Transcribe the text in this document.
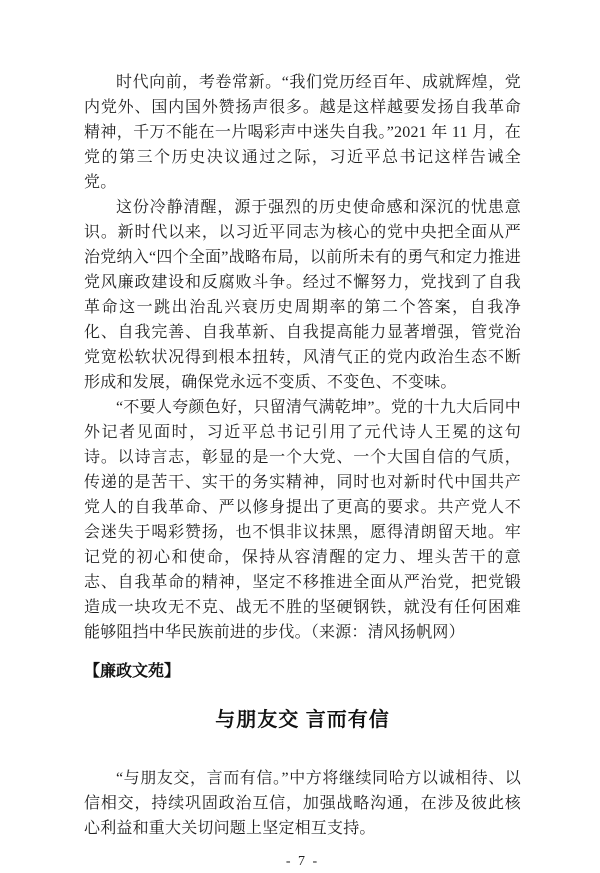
时代向前，考卷常新。“我们党历经百年、成就辉煌，党内党外、国内国外赞扬声很多。越是这样越要发扬自我革命精神，千万不能在一片喝彩声中迷失自我。”2021 年 11 月，在党的第三个历史决议通过之际，习近平总书记这样告诫全党。

这份冷静清醒，源于强烈的历史使命感和深沉的忧患意识。新时代以来，以习近平同志为核心的党中央把全面从严治党纳入“四个全面”战略布局，以前所未有的勇气和定力推进党风廉政建设和反腐败斗争。经过不懈努力，党找到了自我革命这一跳出治乱兴衰历史周期率的第二个答案，自我净化、自我完善、自我革新、自我提高能力显著增强，管党治党宽松软状况得到根本扭转，风清气正的党内政治生态不断形成和发展，确保党永远不变质、不变色、不变味。

“不要人夸颜色好，只留清气满乾坤”。党的十九大后同中外记者见面时，习近平总书记引用了元代诗人王冕的这句诗。以诗言志，彰显的是一个大党、一个大国自信的气质，传递的是苦干、实干的务实精神，同时也对新时代中国共产党人的自我革命、严以修身提出了更高的要求。共产党人不会迷失于喝彩赞扬，也不惧非议抹黑，愿得清朗留天地。牢记党的初心和使命，保持从容清醒的定力、埋头苦干的意志、自我革命的精神，坚定不移推进全面从严治党，把党锻造成一块攻无不克、战无不胜的坚硬钢铁，就没有任何困难能够阻挡中华民族前进的步伐。（来源：清风扬帆网）

【廉政文苑】
与朋友交 言而有信

“与朋友交，言而有信。”中方将继续同哈方以诚相待、以信相交，持续巩固政治互信，加强战略沟通，在涉及彼此核心利益和重大关切问题上坚定相互支持。

- 7 -
